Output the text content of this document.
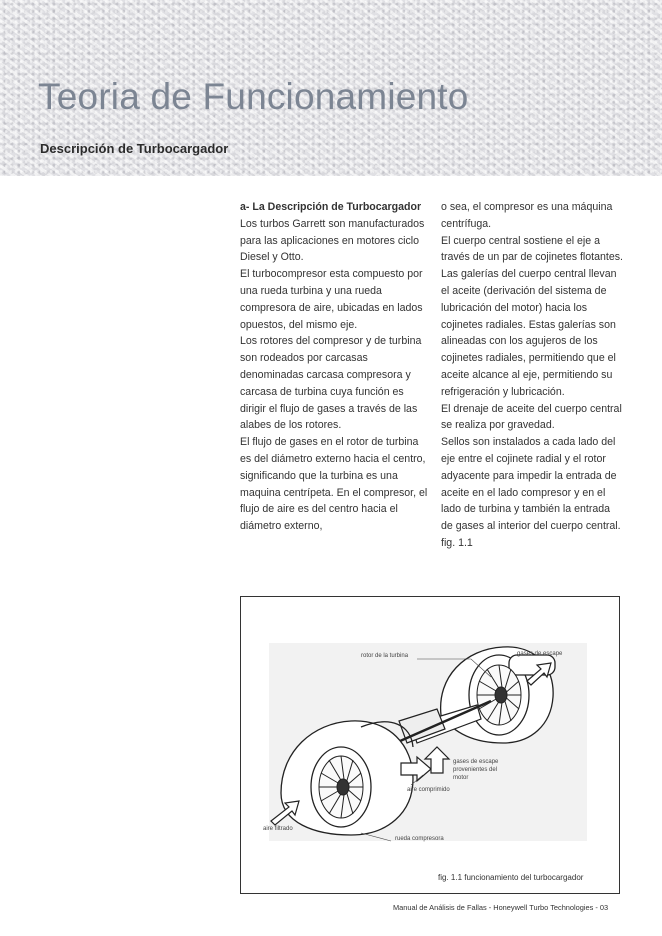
Teoria de Funcionamiento
Descripción de Turbocargador

a- La Descripción de Turbocargador

Los turbos Garrett son manufacturados para las aplicaciones en motores ciclo Diesel y Otto.

El turbocompresor esta compuesto por una rueda turbina y una rueda compresora de aire, ubicadas en lados opuestos, del mismo eje.

Los rotores del compresor y de turbina son rodeados por carcasas denominadas carcasa compresora y carcasa de turbina cuya función es dirigir el flujo de gases a través de las alabes de los rotores.

El flujo de gases en el rotor de turbina es del diámetro externo hacia el centro, significando que la turbina es una maquina centrípeta. En el compresor, el flujo de aire es del centro hacia el diámetro externo,

o sea, el compresor es una máquina centrífuga.

El cuerpo central sostiene el eje a través de un par de cojinetes flotantes. Las galerías del cuerpo central llevan el aceite (derivación del sistema de lubricación del motor) hacia los cojinetes radiales. Estas galerías son alineadas con los agujeros de los cojinetes radiales, permitiendo que el aceite alcance al eje, permitiendo su refrigeración y lubricación.

El drenaje de aceite del cuerpo central se realiza por gravedad.

Sellos son instalados a cada lado del eje entre el cojinete radial y el rotor adyacente para impedir la entrada de aceite en el lado compresor y en el lado de turbina y también la entrada de gases al interior del cuerpo central. fig. 1.1

rotor de la turbina	gases de escape
gases de escape
provenientes del
motor
aire comprimido
aire filtrado
rueda compresora

fig. 1.1 funcionamiento del turbocargador

Manual de Análisis de Fallas - Honeywell Turbo Technologies - 03
